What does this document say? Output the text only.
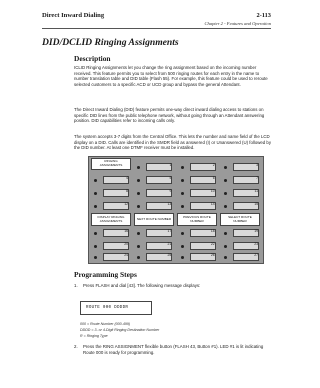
Direct Inward Dialing	2-113
Chapter 2 - Features and Operation
DID/DCLID Ringing Assignments
Description
ICLID Ringing Assignments let you change the ring assignment based on the incoming number received. This feature permits you to select from 500 ringing routes for each entry in the name to number translation table and DID table (Flash 55). For example, this feature could be used to reroute selected customers to a specific ACD or UCD group and bypass the general Attendant.
The Direct Inward Dialing (DID) feature permits one-way direct inward dialing access to stations on specific DID lines from the public telephone network, without going through an Attendant answering position. DID capabilities refer to incoming calls only.
The system accepts 3-7 digits from the Central Office. This lets the number and name field of the LCD display on a DID. Calls are identified in the SMDR field as answered (I) or Unanswered (U) followed by the DID number. At least one DTMF receiver must be installed.
1	2	3
4	5	6	7
8	9	10	11
12	13	14	15
16	17	18	19
20	21	22	23
24	25	26	27
RINGING ASSIGNMENTS
DISPLAY RINGING ASSIGNMENTS	NEXT ROUTE NUMBER	PREVIOUS ROUTE NUMBER
SELECT ROUTE NUMBER
Programming Steps
1. Press FLASH and dial [43]. The following message displays:
ROUTE 000 DDDDR
000 = Route Number (000-499)
DDDD = 3- or 4-Digit Ringing Destination Number
R = Ringing Type
2. Press the RING ASSIGNMENT flexible button (FLASH 43, Button #1). LED #1 is lit indicating Route 000 is ready for programming.
